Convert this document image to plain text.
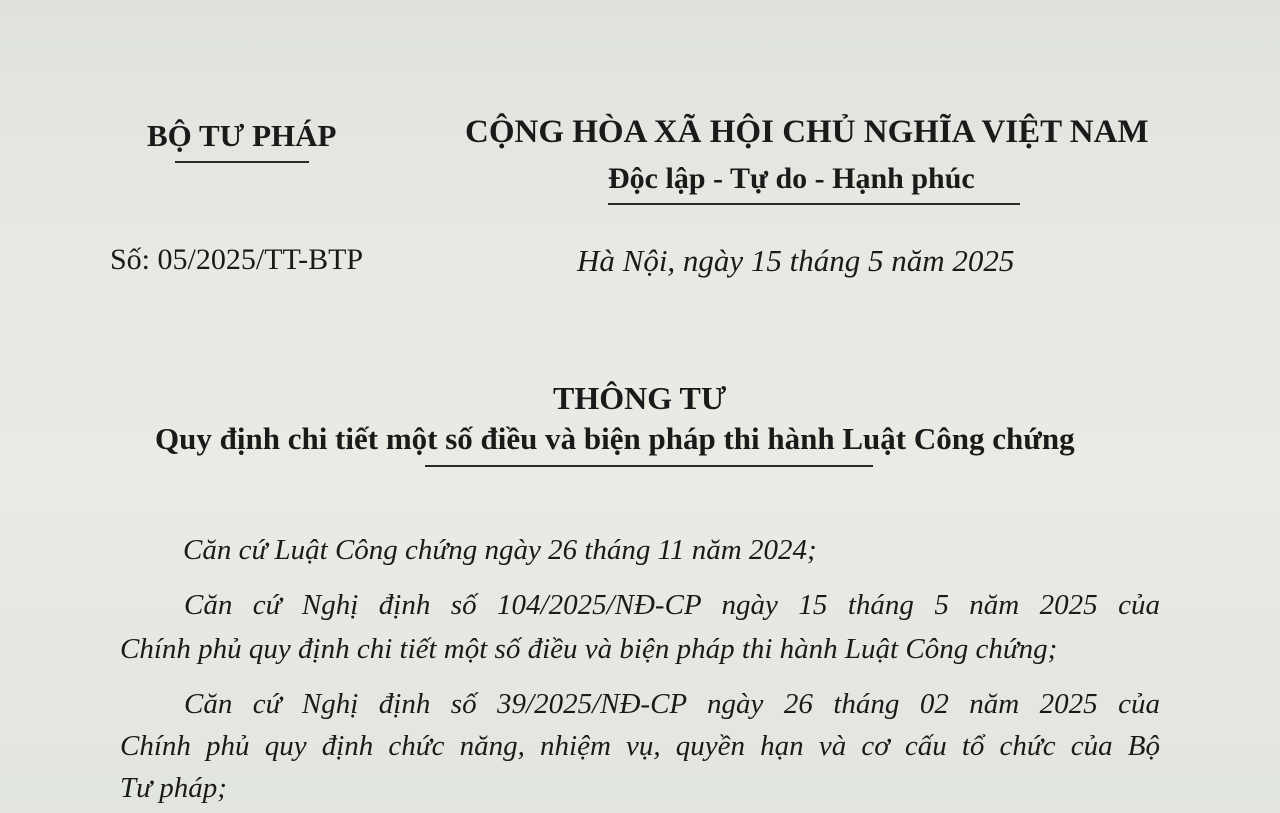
BỘ TƯ PHÁP	CỘNG HÒA XÃ HỘI CHỦ NGHĨA VIỆT NAM
Độc lập - Tự do - Hạnh phúc
Số: 05/2025/TT-BTP	Hà Nội, ngày 15 tháng 5 năm 2025
THÔNG TƯ
Quy định chi tiết một số điều và biện pháp thi hành Luật Công chứng
Căn cứ Luật Công chứng ngày 26 tháng 11 năm 2024;
Căn cứ Nghị định số 104/2025/NĐ-CP ngày 15 tháng 5 năm 2025 của
Chính phủ quy định chi tiết một số điều và biện pháp thi hành Luật Công chứng;
Căn cứ Nghị định số 39/2025/NĐ-CP ngày 26 tháng 02 năm 2025 của
Chính phủ quy định chức năng, nhiệm vụ, quyền hạn và cơ cấu tổ chức của Bộ
Tư pháp;
